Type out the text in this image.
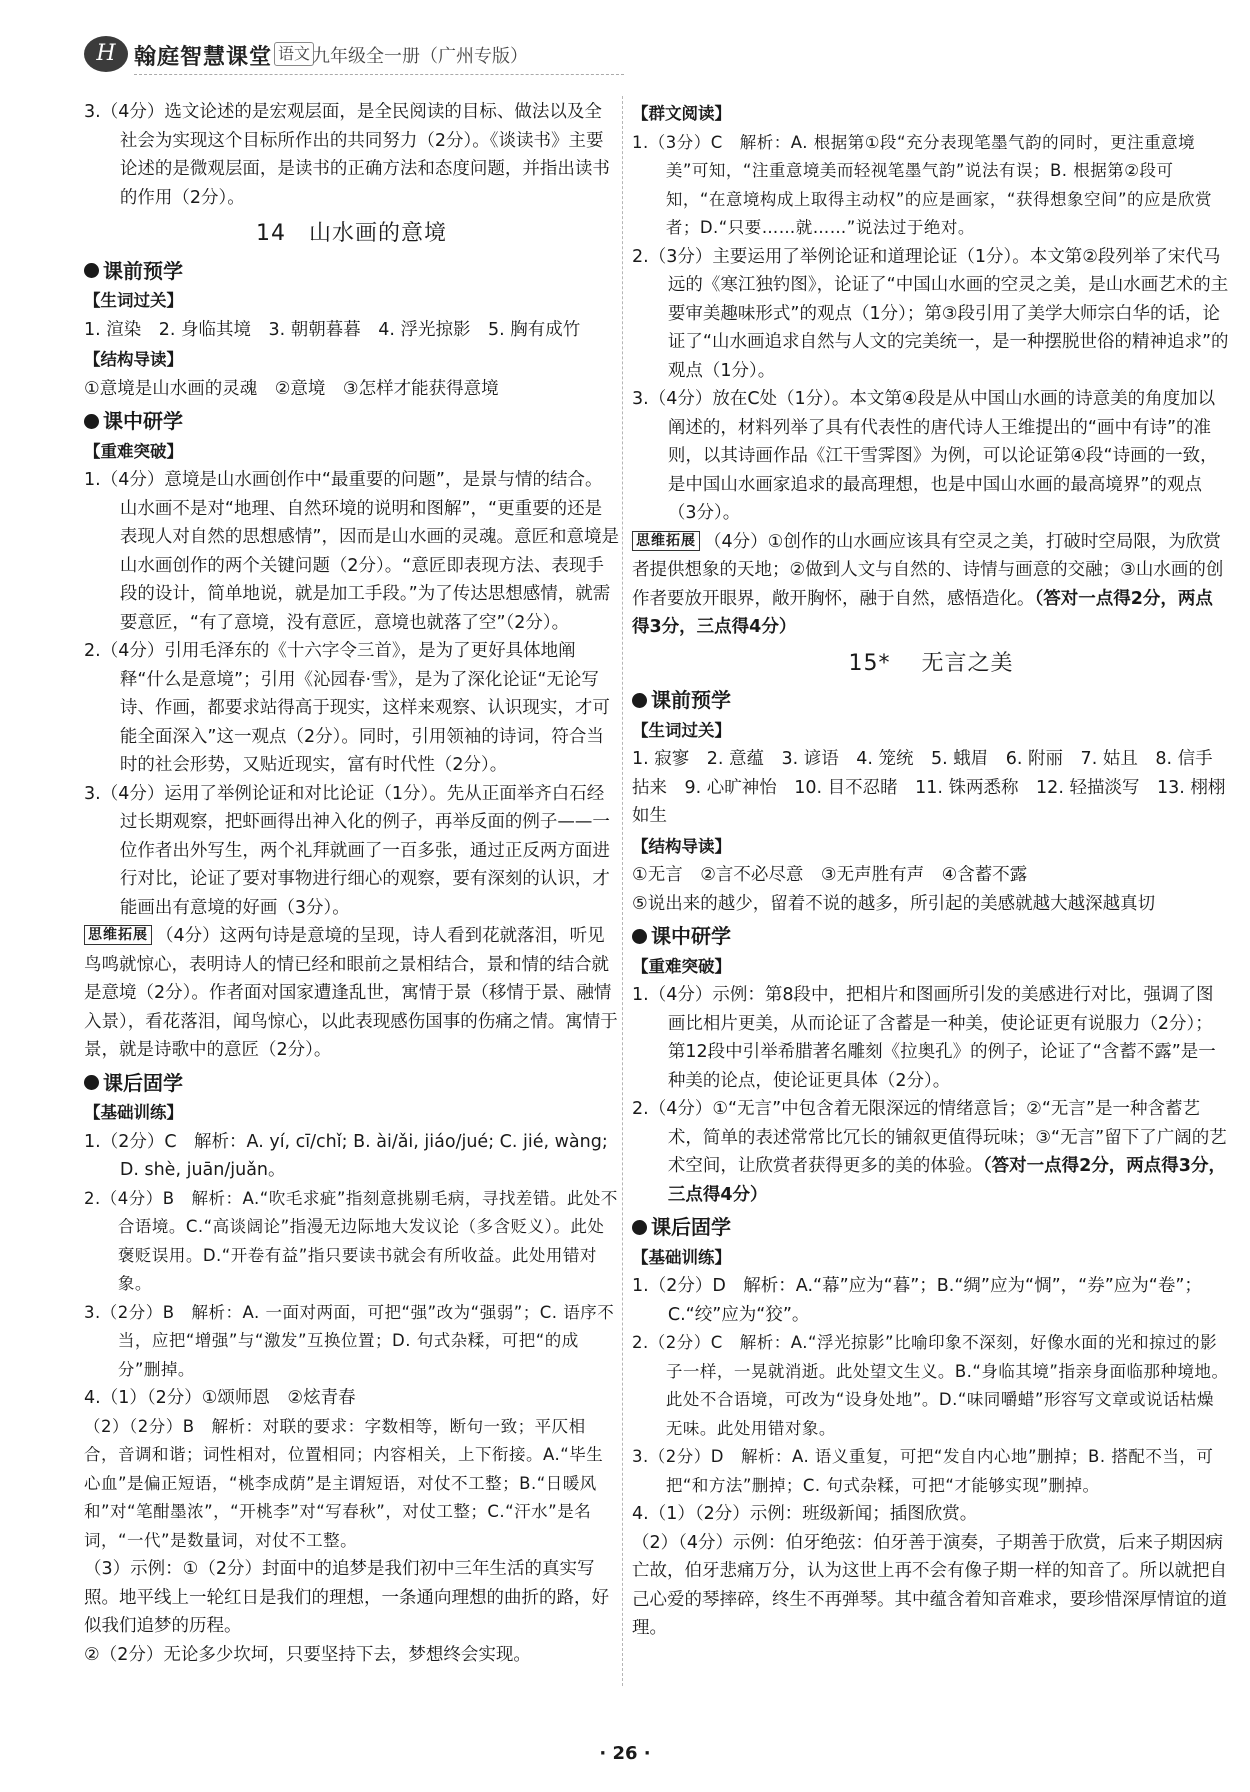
H 翰庭智慧课堂 语文 九年级全一册（广州专版）

3.（4分）选文论述的是宏观层面，是全民阅读的目标、做法以及全社会为实现这个目标所作出的共同努力（2分）。《谈读书》主要论述的是微观层面，是读书的正确方法和态度问题，并指出读书的作用（2分）。

14　山水画的意境
课前预学
【生词过关】

1. 渲染　2. 身临其境　3. 朝朝暮暮　4. 浮光掠影　5. 胸有成竹

【结构导读】

①意境是山水画的灵魂　②意境　③怎样才能获得意境

课中研学
【重难突破】

1.（4分）意境是山水画创作中“最重要的问题”，是景与情的结合。山水画不是对“地理、自然环境的说明和图解”，“更重要的还是表现人对自然的思想感情”，因而是山水画的灵魂。意匠和意境是山水画创作的两个关键问题（2分）。“意匠即表现方法、表现手段的设计，简单地说，就是加工手段。”为了传达思想感情，就需要意匠，“有了意境，没有意匠，意境也就落了空”（2分）。

2.（4分）引用毛泽东的《十六字令三首》，是为了更好具体地阐释“什么是意境”；引用《沁园春·雪》，是为了深化论证“无论写诗、作画，都要求站得高于现实，这样来观察、认识现实，才可能全面深入”这一观点（2分）。同时，引用领袖的诗词，符合当时的社会形势，又贴近现实，富有时代性（2分）。

3.（4分）运用了举例论证和对比论证（1分）。先从正面举齐白石经过长期观察，把虾画得出神入化的例子，再举反面的例子——一位作者出外写生，两个礼拜就画了一百多张，通过正反两方面进行对比，论证了要对事物进行细心的观察，要有深刻的认识，才能画出有意境的好画（3分）。

思维拓展 （4分）这两句诗是意境的呈现，诗人看到花就落泪，听见鸟鸣就惊心，表明诗人的情已经和眼前之景相结合，景和情的结合就是意境（2分）。作者面对国家遭逢乱世，寓情于景（移情于景、融情入景），看花落泪，闻鸟惊心，以此表现感伤国事的伤痛之情。寓情于景，就是诗歌中的意匠（2分）。

课后固学
【基础训练】

1.（2分）C　解析：A. yí, cī/chǐ; B. ài/ǎi, jiáo/jué; C. jié, wàng; D. shè, juān/juǎn。

2.（4分）B　解析：A.“吹毛求疵”指刻意挑剔毛病，寻找差错。此处不合语境。C.“高谈阔论”指漫无边际地大发议论（多含贬义）。此处褒贬误用。D.“开卷有益”指只要读书就会有所收益。此处用错对象。

3.（2分）B　解析：A. 一面对两面，可把“强”改为“强弱”；C. 语序不当，应把“增强”与“激发”互换位置；D. 句式杂糅，可把“的成分”删掉。

4.（1）（2分）①颂师恩　②炫青春

（2）（2分）B　解析：对联的要求：字数相等，断句一致；平仄相合，音调和谐；词性相对，位置相同；内容相关，上下衔接。A.“毕生心血”是偏正短语，“桃李成荫”是主谓短语，对仗不工整；B.“日暖风和”对“笔酣墨浓”，“开桃李”对“写春秋”，对仗工整；C.“汗水”是名词，“一代”是数量词，对仗不工整。

（3）示例：①（2分）封面中的追梦是我们初中三年生活的真实写照。地平线上一轮红日是我们的理想，一条通向理想的曲折的路，好似我们追梦的历程。

②（2分）无论多少坎坷，只要坚持下去，梦想终会实现。

【群文阅读】

1.（3分）C　解析：A. 根据第①段“充分表现笔墨气韵的同时，更注重意境美”可知，“注重意境美而轻视笔墨气韵”说法有误；B. 根据第②段可知，“在意境构成上取得主动权”的应是画家，“获得想象空间”的应是欣赏者；D.“只要……就……”说法过于绝对。

2.（3分）主要运用了举例论证和道理论证（1分）。本文第②段列举了宋代马远的《寒江独钓图》，论证了“中国山水画的空灵之美，是山水画艺术的主要审美趣味形式”的观点（1分）；第③段引用了美学大师宗白华的话，论证了“山水画追求自然与人文的完美统一，是一种摆脱世俗的精神追求”的观点（1分）。

3.（4分）放在C处（1分）。本文第④段是从中国山水画的诗意美的角度加以阐述的，材料列举了具有代表性的唐代诗人王维提出的“画中有诗”的准则，以其诗画作品《江干雪霁图》为例，可以论证第④段“诗画的一致，是中国山水画家追求的最高理想，也是中国山水画的最高境界”的观点（3分）。

思维拓展 （4分）①创作的山水画应该具有空灵之美，打破时空局限，为欣赏者提供想象的天地；②做到人文与自然的、诗情与画意的交融；③山水画的创作者要放开眼界，敞开胸怀，融于自然，感悟造化。（答对一点得2分，两点得3分，三点得4分）

15* 　无言之美
课前预学
【生词过关】

1. 寂寥　2. 意蕴　3. 谚语　4. 笼统　5. 蛾眉　6. 附丽　7. 姑且　8. 信手拈来　9. 心旷神怡　10. 目不忍睹　11. 铢两悉称　12. 轻描淡写　13. 栩栩如生

【结构导读】

①无言　②言不必尽意　③无声胜有声　④含蓄不露

⑤说出来的越少，留着不说的越多，所引起的美感就越大越深越真切

课中研学
【重难突破】

1.（4分）示例：第8段中，把相片和图画所引发的美感进行对比，强调了图画比相片更美，从而论证了含蓄是一种美，使论证更有说服力（2分）；第12段中引举希腊著名雕刻《拉奥孔》的例子，论证了“含蓄不露”是一种美的论点，使论证更具体（2分）。

2.（4分）①“无言”中包含着无限深远的情绪意旨；②“无言”是一种含蓄艺术，简单的表述常常比冗长的铺叙更值得玩味；③“无言”留下了广阔的艺术空间，让欣赏者获得更多的美的体验。（答对一点得2分，两点得3分，三点得4分）

课后固学
【基础训练】

1.（2分）D　解析：A.“幕”应为“暮”；B.“绸”应为“惆”，“券”应为“卷”；C.“绞”应为“狡”。

2.（2分）C　解析：A.“浮光掠影”比喻印象不深刻，好像水面的光和掠过的影子一样，一晃就消逝。此处望文生义。B.“身临其境”指亲身面临那种境地。此处不合语境，可改为“设身处地”。D.“味同嚼蜡”形容写文章或说话枯燥无味。此处用错对象。

3.（2分）D　解析：A. 语义重复，可把“发自内心地”删掉；B. 搭配不当，可把“和方法”删掉；C. 句式杂糅，可把“才能够实现”删掉。

4.（1）（2分）示例：班级新闻；插图欣赏。

（2）（4分）示例：伯牙绝弦：伯牙善于演奏，子期善于欣赏，后来子期因病亡故，伯牙悲痛万分，认为这世上再不会有像子期一样的知音了。所以就把自己心爱的琴摔碎，终生不再弹琴。其中蕴含着知音难求，要珍惜深厚情谊的道理。

· 26 ·
